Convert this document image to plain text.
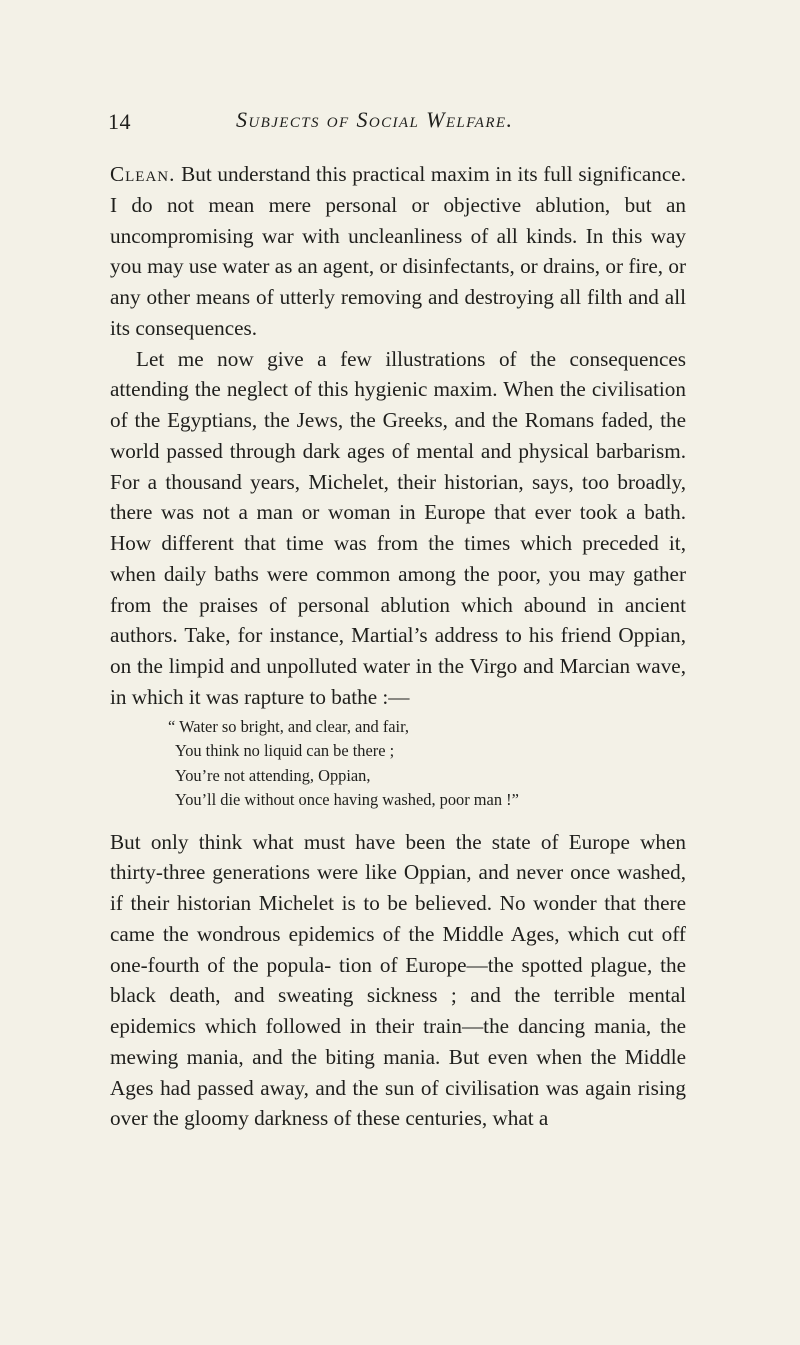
14	Subjects of Social Welfare.

Clean. But understand this practical maxim in its full significance. I do not mean mere personal or objective ablution, but an uncompromising war with uncleanliness of all kinds. In this way you may use water as an agent, or disinfectants, or drains, or fire, or any other means of utterly removing and destroying all filth and all its consequences.

Let me now give a few illustrations of the consequences attending the neglect of this hygienic maxim. When the civilisation of the Egyptians, the Jews, the Greeks, and the Romans faded, the world passed through dark ages of mental and physical barbarism. For a thousand years, Michelet, their historian, says, too broadly, there was not a man or woman in Europe that ever took a bath. How different that time was from the times which preceded it, when daily baths were common among the poor, you may gather from the praises of personal ablution which abound in ancient authors. Take, for instance, Martial’s address to his friend Oppian, on the limpid and unpolluted water in the Virgo and Marcian wave, in which it was rapture to bathe :—

“ Water so bright, and clear, and fair,
You think no liquid can be there ;
You’re not attending, Oppian,
You’ll die without once having washed, poor man !”

But only think what must have been the state of Europe when thirty-three generations were like Oppian, and never once washed, if their historian Michelet is to be believed. No wonder that there came the wondrous epidemics of the Middle Ages, which cut off one-fourth of the popula- tion of Europe—the spotted plague, the black death, and sweating sickness ; and the terrible mental epidemics which followed in their train—the dancing mania, the mewing mania, and the biting mania. But even when the Middle Ages had passed away, and the sun of civilisation was again rising over the gloomy darkness of these centuries, what a
